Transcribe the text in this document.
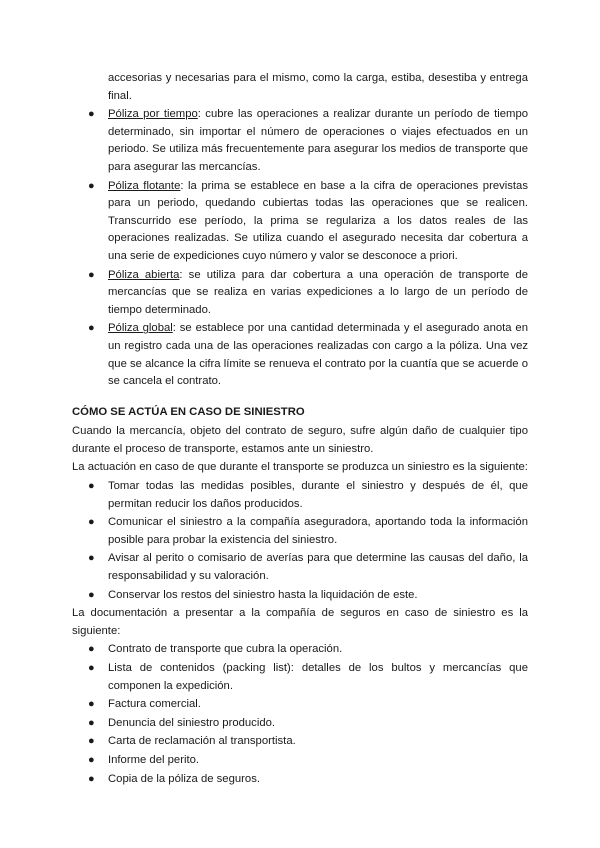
accesorias y necesarias para el mismo, como la carga, estiba, desestiba y entrega final.

● Póliza por tiempo: cubre las operaciones a realizar durante un período de tiempo determinado, sin importar el número de operaciones o viajes efectuados en un periodo. Se utiliza más frecuentemente para asegurar los medios de transporte que para asegurar las mercancías.
● Póliza flotante: la prima se establece en base a la cifra de operaciones previstas para un periodo, quedando cubiertas todas las operaciones que se realicen. Transcurrido ese período, la prima se regulariza a los datos reales de las operaciones realizadas. Se utiliza cuando el asegurado necesita dar cobertura a una serie de expediciones cuyo número y valor se desconoce a priori.
● Póliza abierta: se utiliza para dar cobertura a una operación de transporte de mercancías que se realiza en varias expediciones a lo largo de un período de tiempo determinado.
● Póliza global: se establece por una cantidad determinada y el asegurado anota en un registro cada una de las operaciones realizadas con cargo a la póliza. Una vez que se alcance la cifra límite se renueva el contrato por la cuantía que se acuerde o se cancela el contrato.
CÓMO SE ACTÚA EN CASO DE SINIESTRO

Cuando la mercancía, objeto del contrato de seguro, sufre algún daño de cualquier tipo durante el proceso de transporte, estamos ante un siniestro.

La actuación en caso de que durante el transporte se produzca un siniestro es la siguiente:

● Tomar todas las medidas posibles, durante el siniestro y después de él, que permitan reducir los daños producidos.
● Comunicar el siniestro a la compañía aseguradora, aportando toda la información posible para probar la existencia del siniestro.
● Avisar al perito o comisario de averías para que determine las causas del daño, la responsabilidad y su valoración.
● Conservar los restos del siniestro hasta la liquidación de este.

La documentación a presentar a la compañía de seguros en caso de siniestro es la siguiente:

● Contrato de transporte que cubra la operación.
● Lista de contenidos (packing list): detalles de los bultos y mercancías que componen la expedición.
● Factura comercial.
● Denuncia del siniestro producido.
● Carta de reclamación al transportista.
● Informe del perito.
● Copia de la póliza de seguros.
